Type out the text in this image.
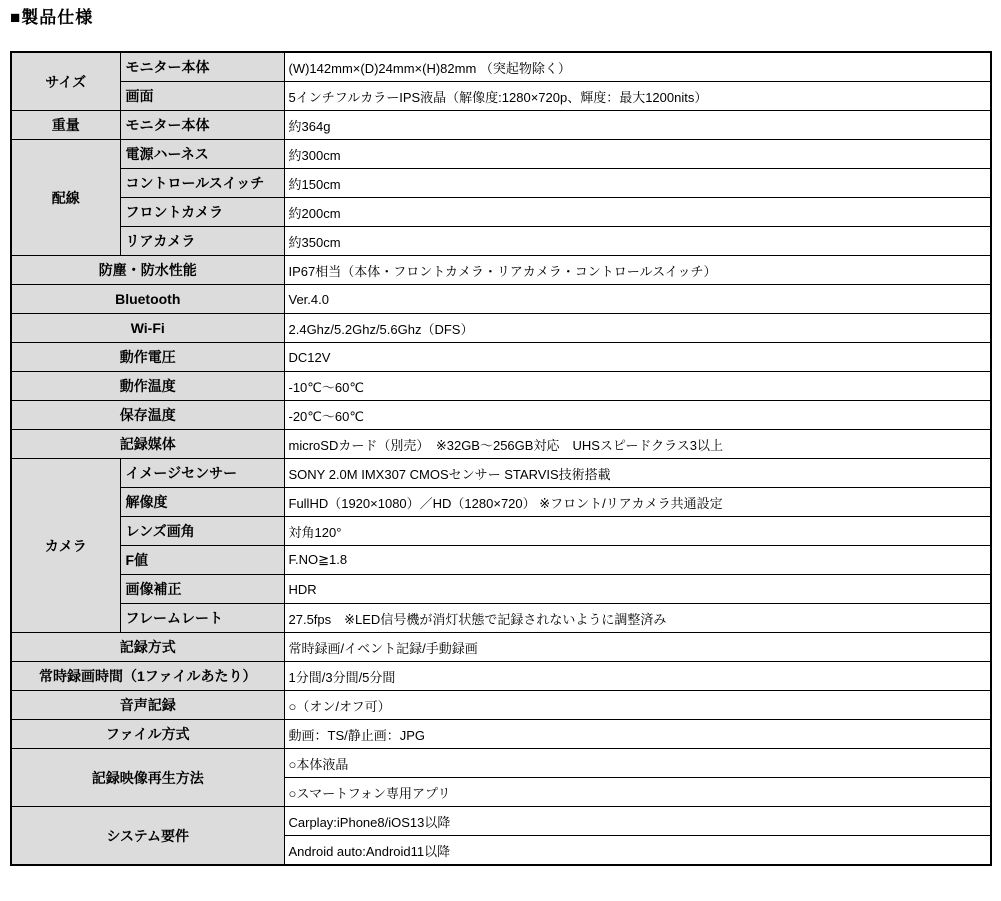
■製品仕様
サイズ	モニター本体	(W)142mm×(D)24mm×(H)82mm （突起物除く）
	画面	5インチフルカラーIPS液晶（解像度:1280×720p、輝度：最大1200nits）
重量	モニター本体	約364g
配線	電源ハーネス	約300cm
	コントロールスイッチ	約150cm
	フロントカメラ	約200cm
	リアカメラ	約350cm
防塵・防水性能		IP67相当（本体・フロントカメラ・リアカメラ・コントロールスイッチ）
Bluetooth		Ver.4.0
Wi-Fi		2.4Ghz/5.2Ghz/5.6Ghz（DFS）
動作電圧		DC12V
動作温度		-10℃～60℃
保存温度		-20℃～60℃
記録媒体		microSDカード（別売）　※32GB～256GB対応　UHSスピードクラス3以上
カメラ	イメージセンサー	SONY 2.0M IMX307 CMOSセンサー STARVIS技術搭載
	解像度	FullHD（1920×1080）／HD（1280×720） ※フロント/リアカメラ共通設定
	レンズ画角	対角120°
	F値	F.NO≧1.8
	画像補正	HDR
	フレームレート	27.5fps　※LED信号機が消灯状態で記録されないように調整済み
記録方式		常時録画/イベント記録/手動録画
常時録画時間（1ファイルあたり）		1分間/3分間/5分間
音声記録		○（オン/オフ可）
ファイル方式		動画：TS/静止画：JPG
記録映像再生方法		○本体液晶
		○スマートフォン専用アプリ
システム要件		Carplay:iPhone8/iOS13以降
		Android auto:Android11以降
